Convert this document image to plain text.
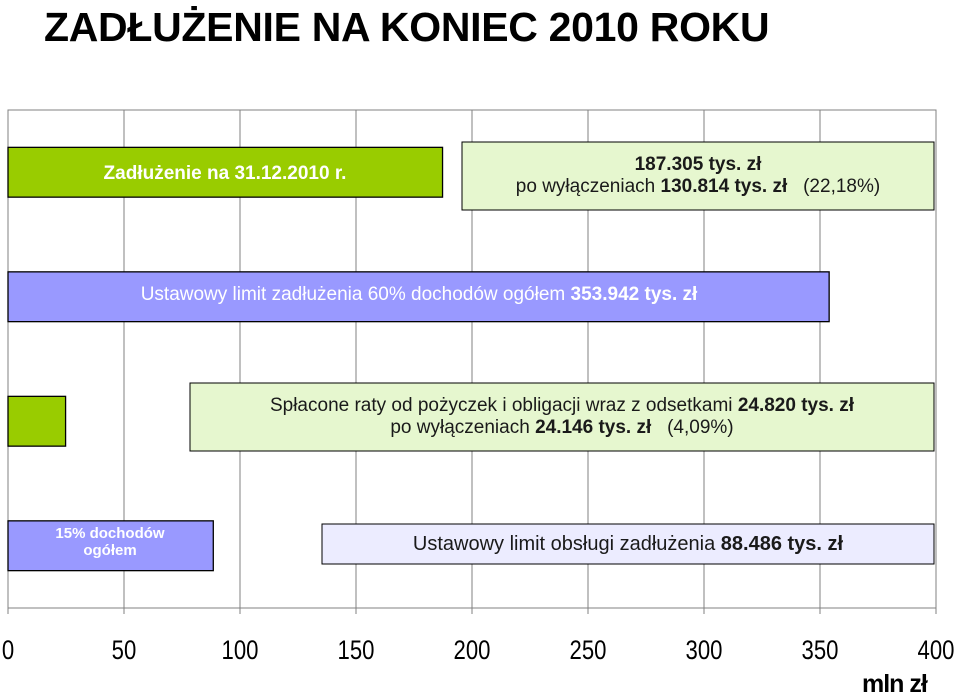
ZADŁUŻENIE NA KONIEC 2010 ROKU
0	50	100	150	200	250	300	350	400
Zadłużenie na 31.12.2010 r.	187.305 tys. zł
po wyłączeniach 130.814 tys. zł   (22,18%)
Ustawowy limit zadłużenia 60% dochodów ogółem 353.942 tys. zł
Spłacone raty od pożyczek i obligacji wraz z odsetkami 24.820 tys. zł
po wyłączeniach 24.146 tys. zł   (4,09%)
15% dochodów ogółem	Ustawowy limit obsługi zadłużenia 88.486 tys. zł
mln zł
